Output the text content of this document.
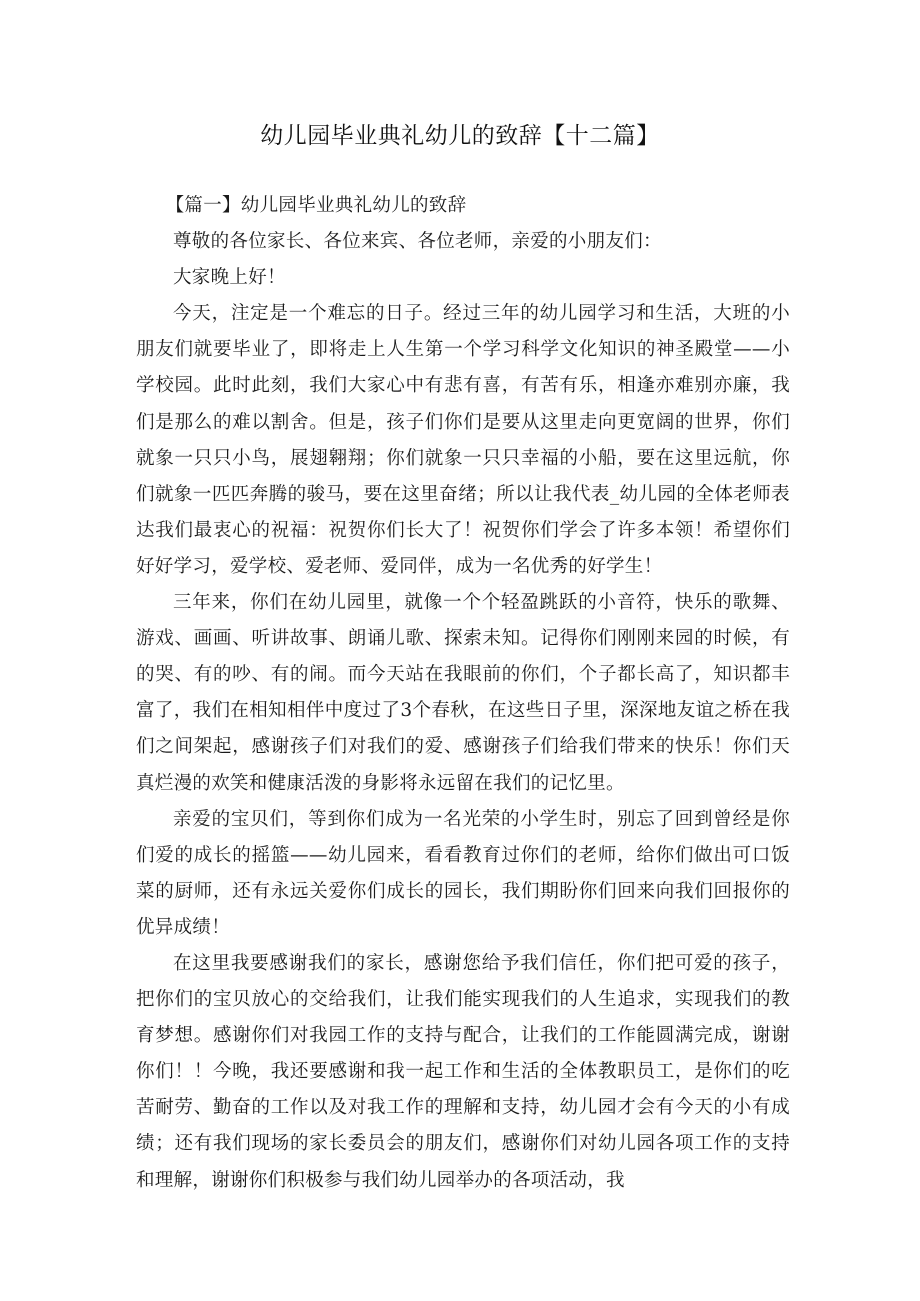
幼儿园毕业典礼幼儿的致辞【十二篇】

【篇一】幼儿园毕业典礼幼儿的致辞

尊敬的各位家长、各位来宾、各位老师，亲爱的小朋友们：

大家晚上好！

今天，注定是一个难忘的日子。经过三年的幼儿园学习和生活，大班的小朋友们就要毕业了，即将走上人生第一个学习科学文化知识的神圣殿堂——小学校园。此时此刻，我们大家心中有悲有喜，有苦有乐，相逢亦难别亦廉，我们是那么的难以割舍。但是，孩子们你们是要从这里走向更宽阔的世界，你们就象一只只小鸟，展翅翱翔；你们就象一只只幸福的小船，要在这里远航，你们就象一匹匹奔腾的骏马，要在这里奋绪；所以让我代表_幼儿园的全体老师表达我们最衷心的祝福：祝贺你们长大了！祝贺你们学会了许多本领！希望你们好好学习，爱学校、爱老师、爱同伴，成为一名优秀的好学生！

三年来，你们在幼儿园里，就像一个个轻盈跳跃的小音符，快乐的歌舞、游戏、画画、听讲故事、朗诵儿歌、探索未知。记得你们刚刚来园的时候，有的哭、有的吵、有的闹。而今天站在我眼前的你们，个子都长高了，知识都丰富了，我们在相知相伴中度过了3个春秋，在这些日子里，深深地友谊之桥在我们之间架起，感谢孩子们对我们的爱、感谢孩子们给我们带来的快乐！你们天真烂漫的欢笑和健康活泼的身影将永远留在我们的记忆里。

亲爱的宝贝们，等到你们成为一名光荣的小学生时，别忘了回到曾经是你们爱的成长的摇篮——幼儿园来，看看教育过你们的老师，给你们做出可口饭菜的厨师，还有永远关爱你们成长的园长，我们期盼你们回来向我们回报你的优异成绩！

在这里我要感谢我们的家长，感谢您给予我们信任，你们把可爱的孩子，把你们的宝贝放心的交给我们，让我们能实现我们的人生追求，实现我们的教育梦想。感谢你们对我园工作的支持与配合，让我们的工作能圆满完成，谢谢你们！！今晚，我还要感谢和我一起工作和生活的全体教职员工，是你们的吃苦耐劳、勤奋的工作以及对我工作的理解和支持，幼儿园才会有今天的小有成绩；还有我们现场的家长委员会的朋友们，感谢你们对幼儿园各项工作的支持和理解，谢谢你们积极参与我们幼儿园举办的各项活动，我
